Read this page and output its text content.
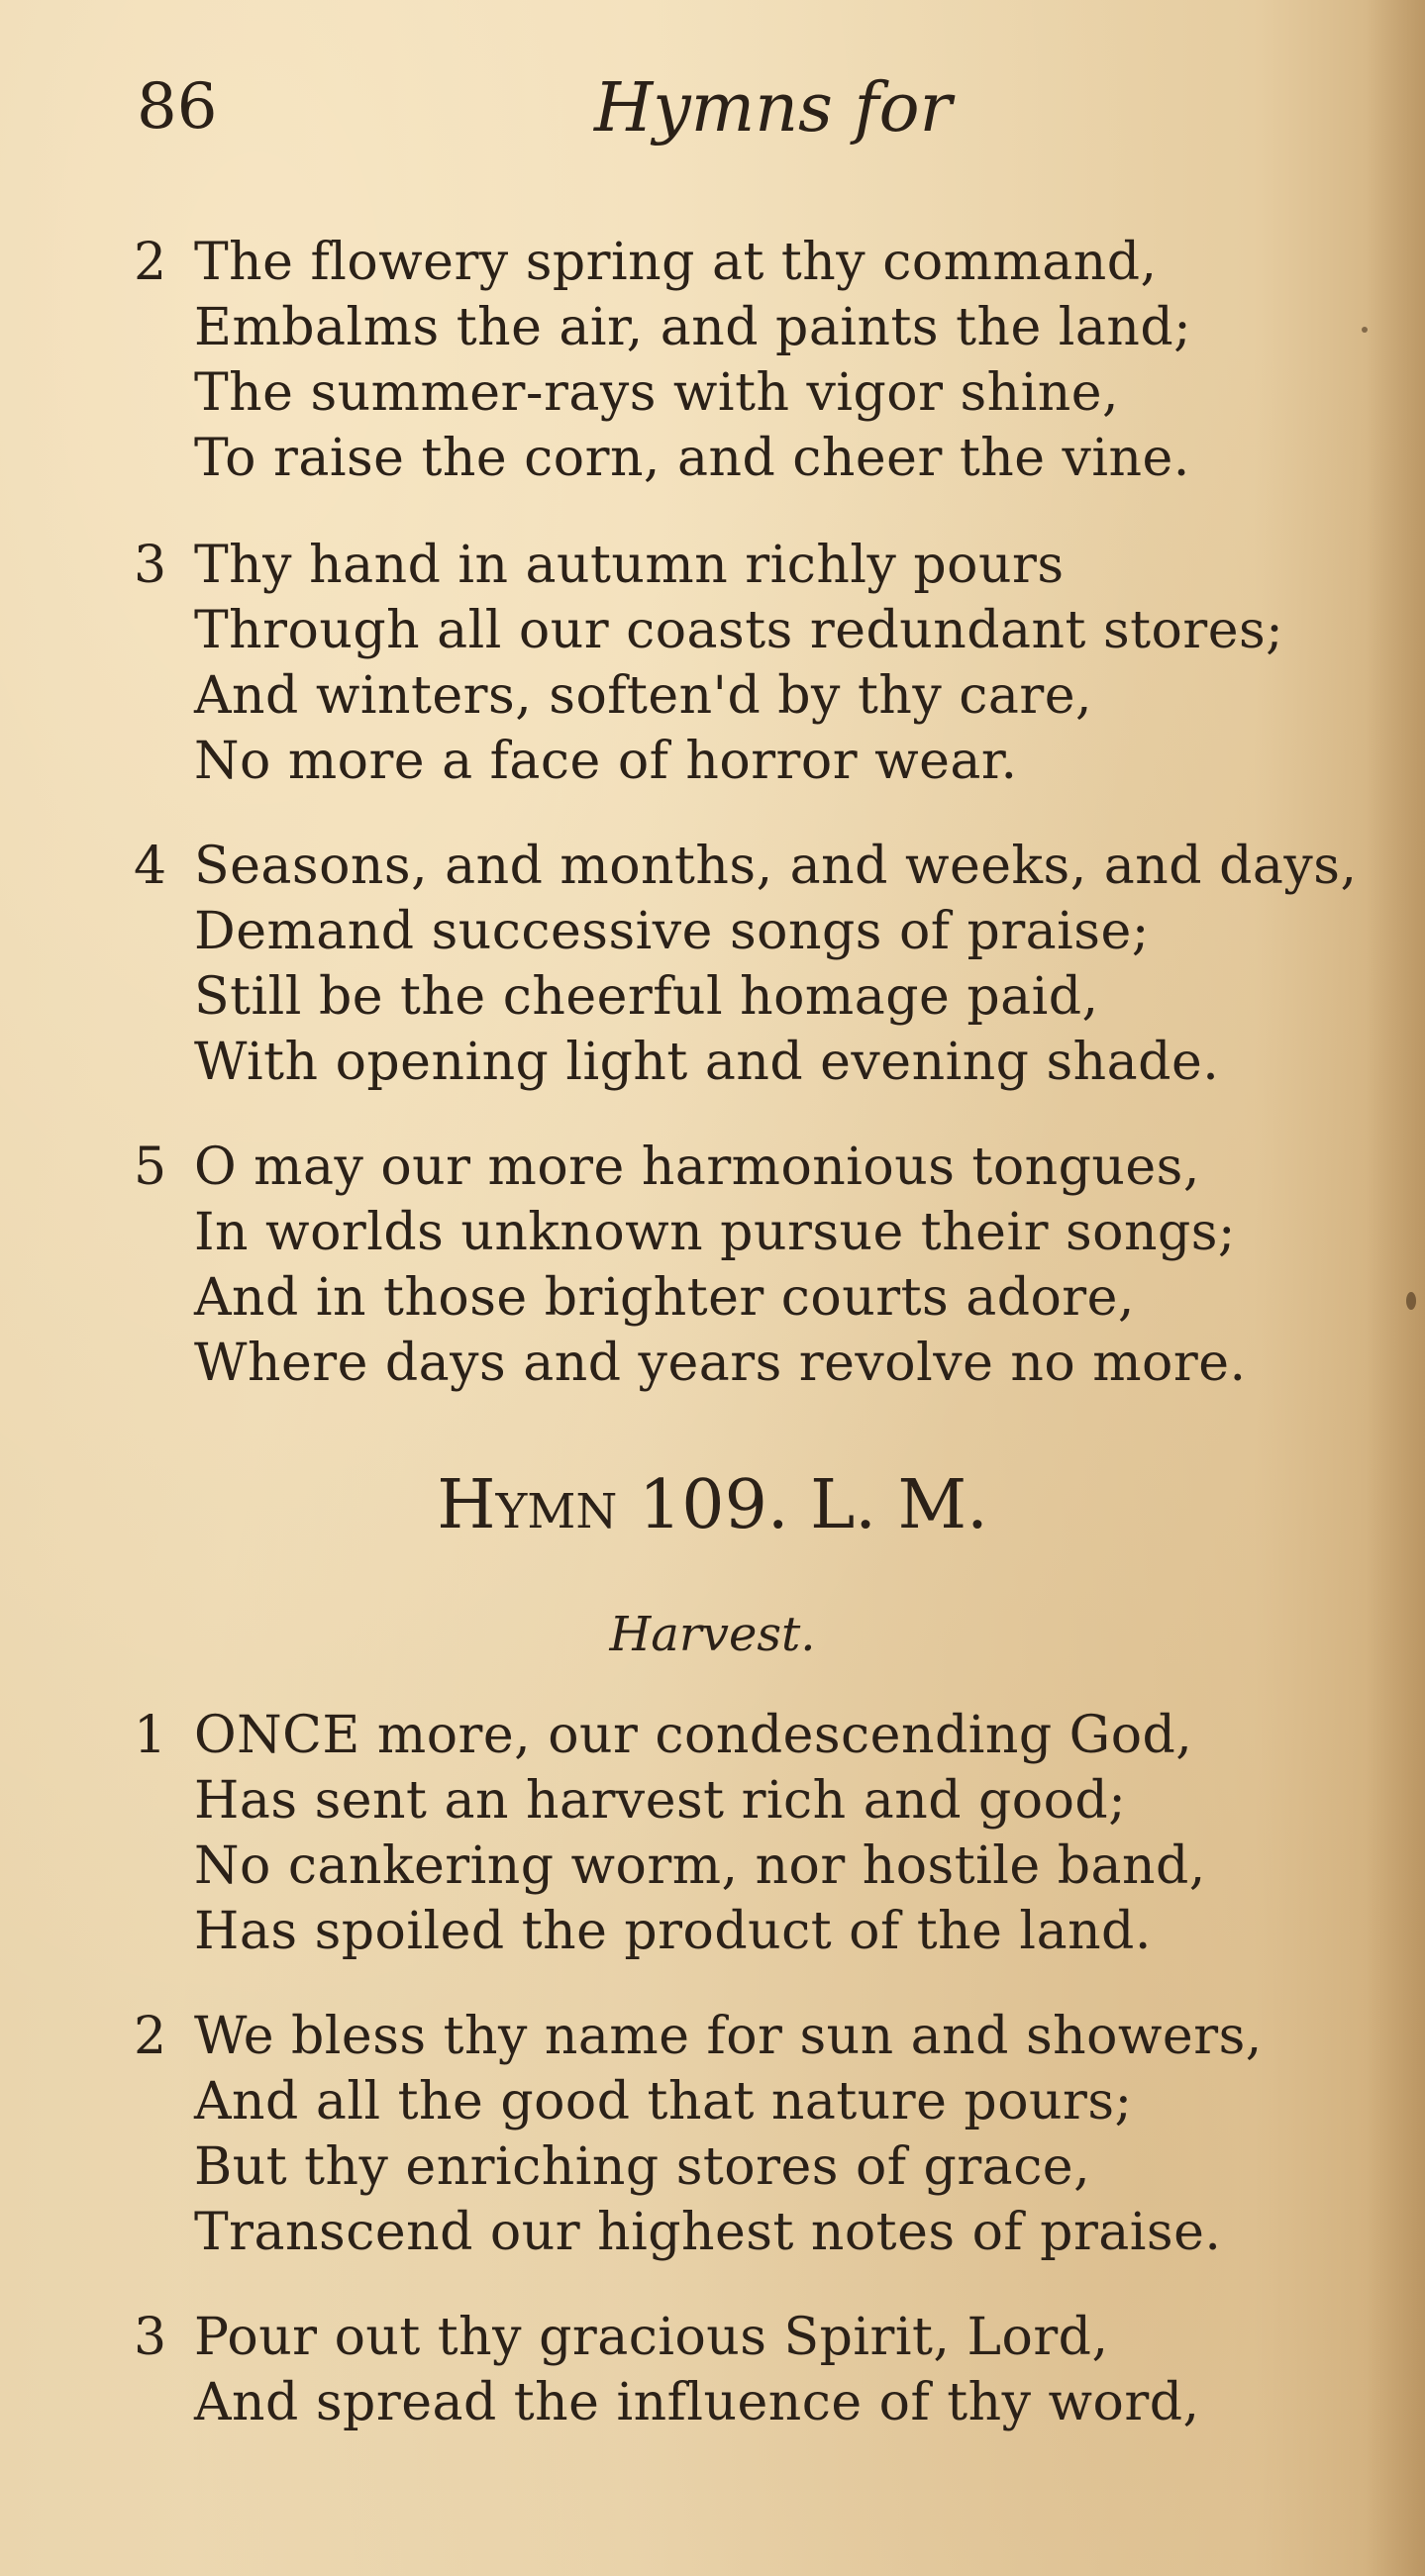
86	Hymns for
2 The flowery spring at thy command,
Embalms the air, and paints the land;
The summer-rays with vigor shine,
To raise the corn, and cheer the vine.
3 Thy hand in autumn richly pours
Through all our coasts redundant stores;
And winters, soften'd by thy care,
No more a face of horror wear.
4 Seasons, and months, and weeks, and days,
Demand successive songs of praise;
Still be the cheerful homage paid,
With opening light and evening shade.
5 O may our more harmonious tongues,
In worlds unknown pursue their songs;
And in those brighter courts adore,
Where days and years revolve no more.
Hymn 109. L. M.
Harvest.
1 ONCE more, our condescending God,
Has sent an harvest rich and good;
No cankering worm, nor hostile band,
Has spoiled the product of the land.
2 We bless thy name for sun and showers,
And all the good that nature pours;
But thy enriching stores of grace,
Transcend our highest notes of praise.
3 Pour out thy gracious Spirit, Lord,
And spread the influence of thy word,
